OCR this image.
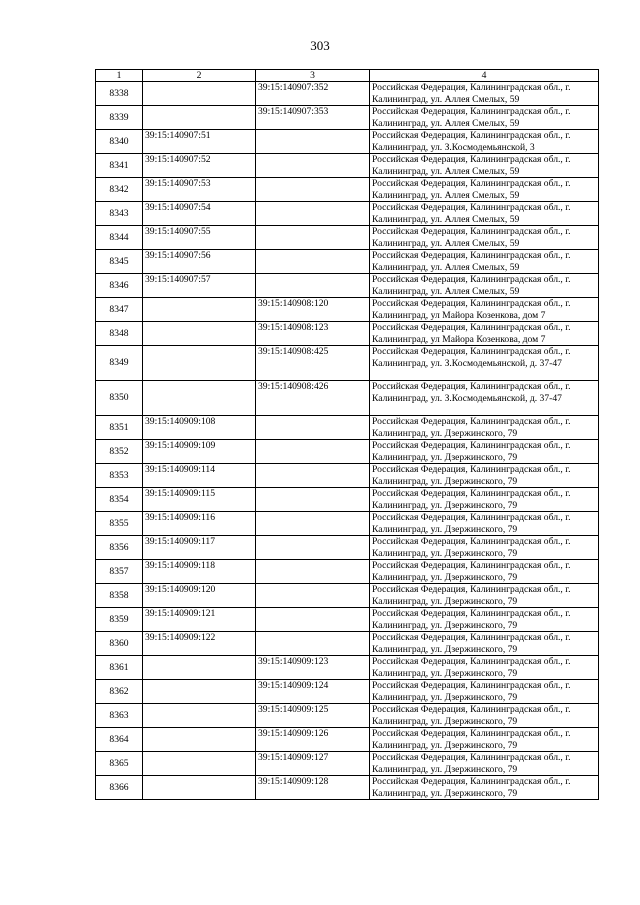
303
1	2	3	4
8338		39:15:140907:352	Российская Федерация, Калининградская обл., г. Калининград, ул. Аллея Смелых, 59
8339		39:15:140907:353	Российская Федерация, Калининградская обл., г. Калининград, ул. Аллея Смелых, 59
8340	39:15:140907:51		Российская Федерация, Калининградская обл., г. Калининград, ул. З.Космодемьянской, 3
8341	39:15:140907:52		Российская Федерация, Калининградская обл., г. Калининград, ул. Аллея Смелых, 59
8342	39:15:140907:53		Российская Федерация, Калининградская обл., г. Калининград, ул. Аллея Смелых, 59
8343	39:15:140907:54		Российская Федерация, Калининградская обл., г. Калининград, ул. Аллея Смелых, 59
8344	39:15:140907:55		Российская Федерация, Калининградская обл., г. Калининград, ул. Аллея Смелых, 59
8345	39:15:140907:56		Российская Федерация, Калининградская обл., г. Калининград, ул. Аллея Смелых, 59
8346	39:15:140907:57		Российская Федерация, Калининградская обл., г. Калининград, ул. Аллея Смелых, 59
8347		39:15:140908:120	Российская Федерация, Калининградская обл., г. Калининград, ул Майора Козенкова, дом 7
8348		39:15:140908:123	Российская Федерация, Калининградская обл., г. Калининград, ул Майора Козенкова, дом 7
8349		39:15:140908:425	Российская Федерация, Калининградская обл., г. Калининград, ул. З.Космодемьянской, д. 37-47
8350		39:15:140908:426	Российская Федерация, Калининградская обл., г. Калининград, ул. З.Космодемьянской, д. 37-47
8351	39:15:140909:108		Российская Федерация, Калининградская обл., г. Калининград, ул. Дзержинского, 79
8352	39:15:140909:109		Российская Федерация, Калининградская обл., г. Калининград, ул. Дзержинского, 79
8353	39:15:140909:114		Российская Федерация, Калининградская обл., г. Калининград, ул. Дзержинского, 79
8354	39:15:140909:115		Российская Федерация, Калининградская обл., г. Калининград, ул. Дзержинского, 79
8355	39:15:140909:116		Российская Федерация, Калининградская обл., г. Калининград, ул. Дзержинского, 79
8356	39:15:140909:117		Российская Федерация, Калининградская обл., г. Калининград, ул. Дзержинского, 79
8357	39:15:140909:118		Российская Федерация, Калининградская обл., г. Калининград, ул. Дзержинского, 79
8358	39:15:140909:120		Российская Федерация, Калининградская обл., г. Калининград, ул. Дзержинского, 79
8359	39:15:140909:121		Российская Федерация, Калининградская обл., г. Калининград, ул. Дзержинского, 79
8360	39:15:140909:122		Российская Федерация, Калининградская обл., г. Калининград, ул. Дзержинского, 79
8361		39:15:140909:123	Российская Федерация, Калининградская обл., г. Калининград, ул. Дзержинского, 79
8362		39:15:140909:124	Российская Федерация, Калининградская обл., г. Калининград, ул. Дзержинского, 79
8363		39:15:140909:125	Российская Федерация, Калининградская обл., г. Калининград, ул. Дзержинского, 79
8364		39:15:140909:126	Российская Федерация, Калининградская обл., г. Калининград, ул. Дзержинского, 79
8365		39:15:140909:127	Российская Федерация, Калининградская обл., г. Калининград, ул. Дзержинского, 79
8366		39:15:140909:128	Российская Федерация, Калининградская обл., г. Калининград, ул. Дзержинского, 79
